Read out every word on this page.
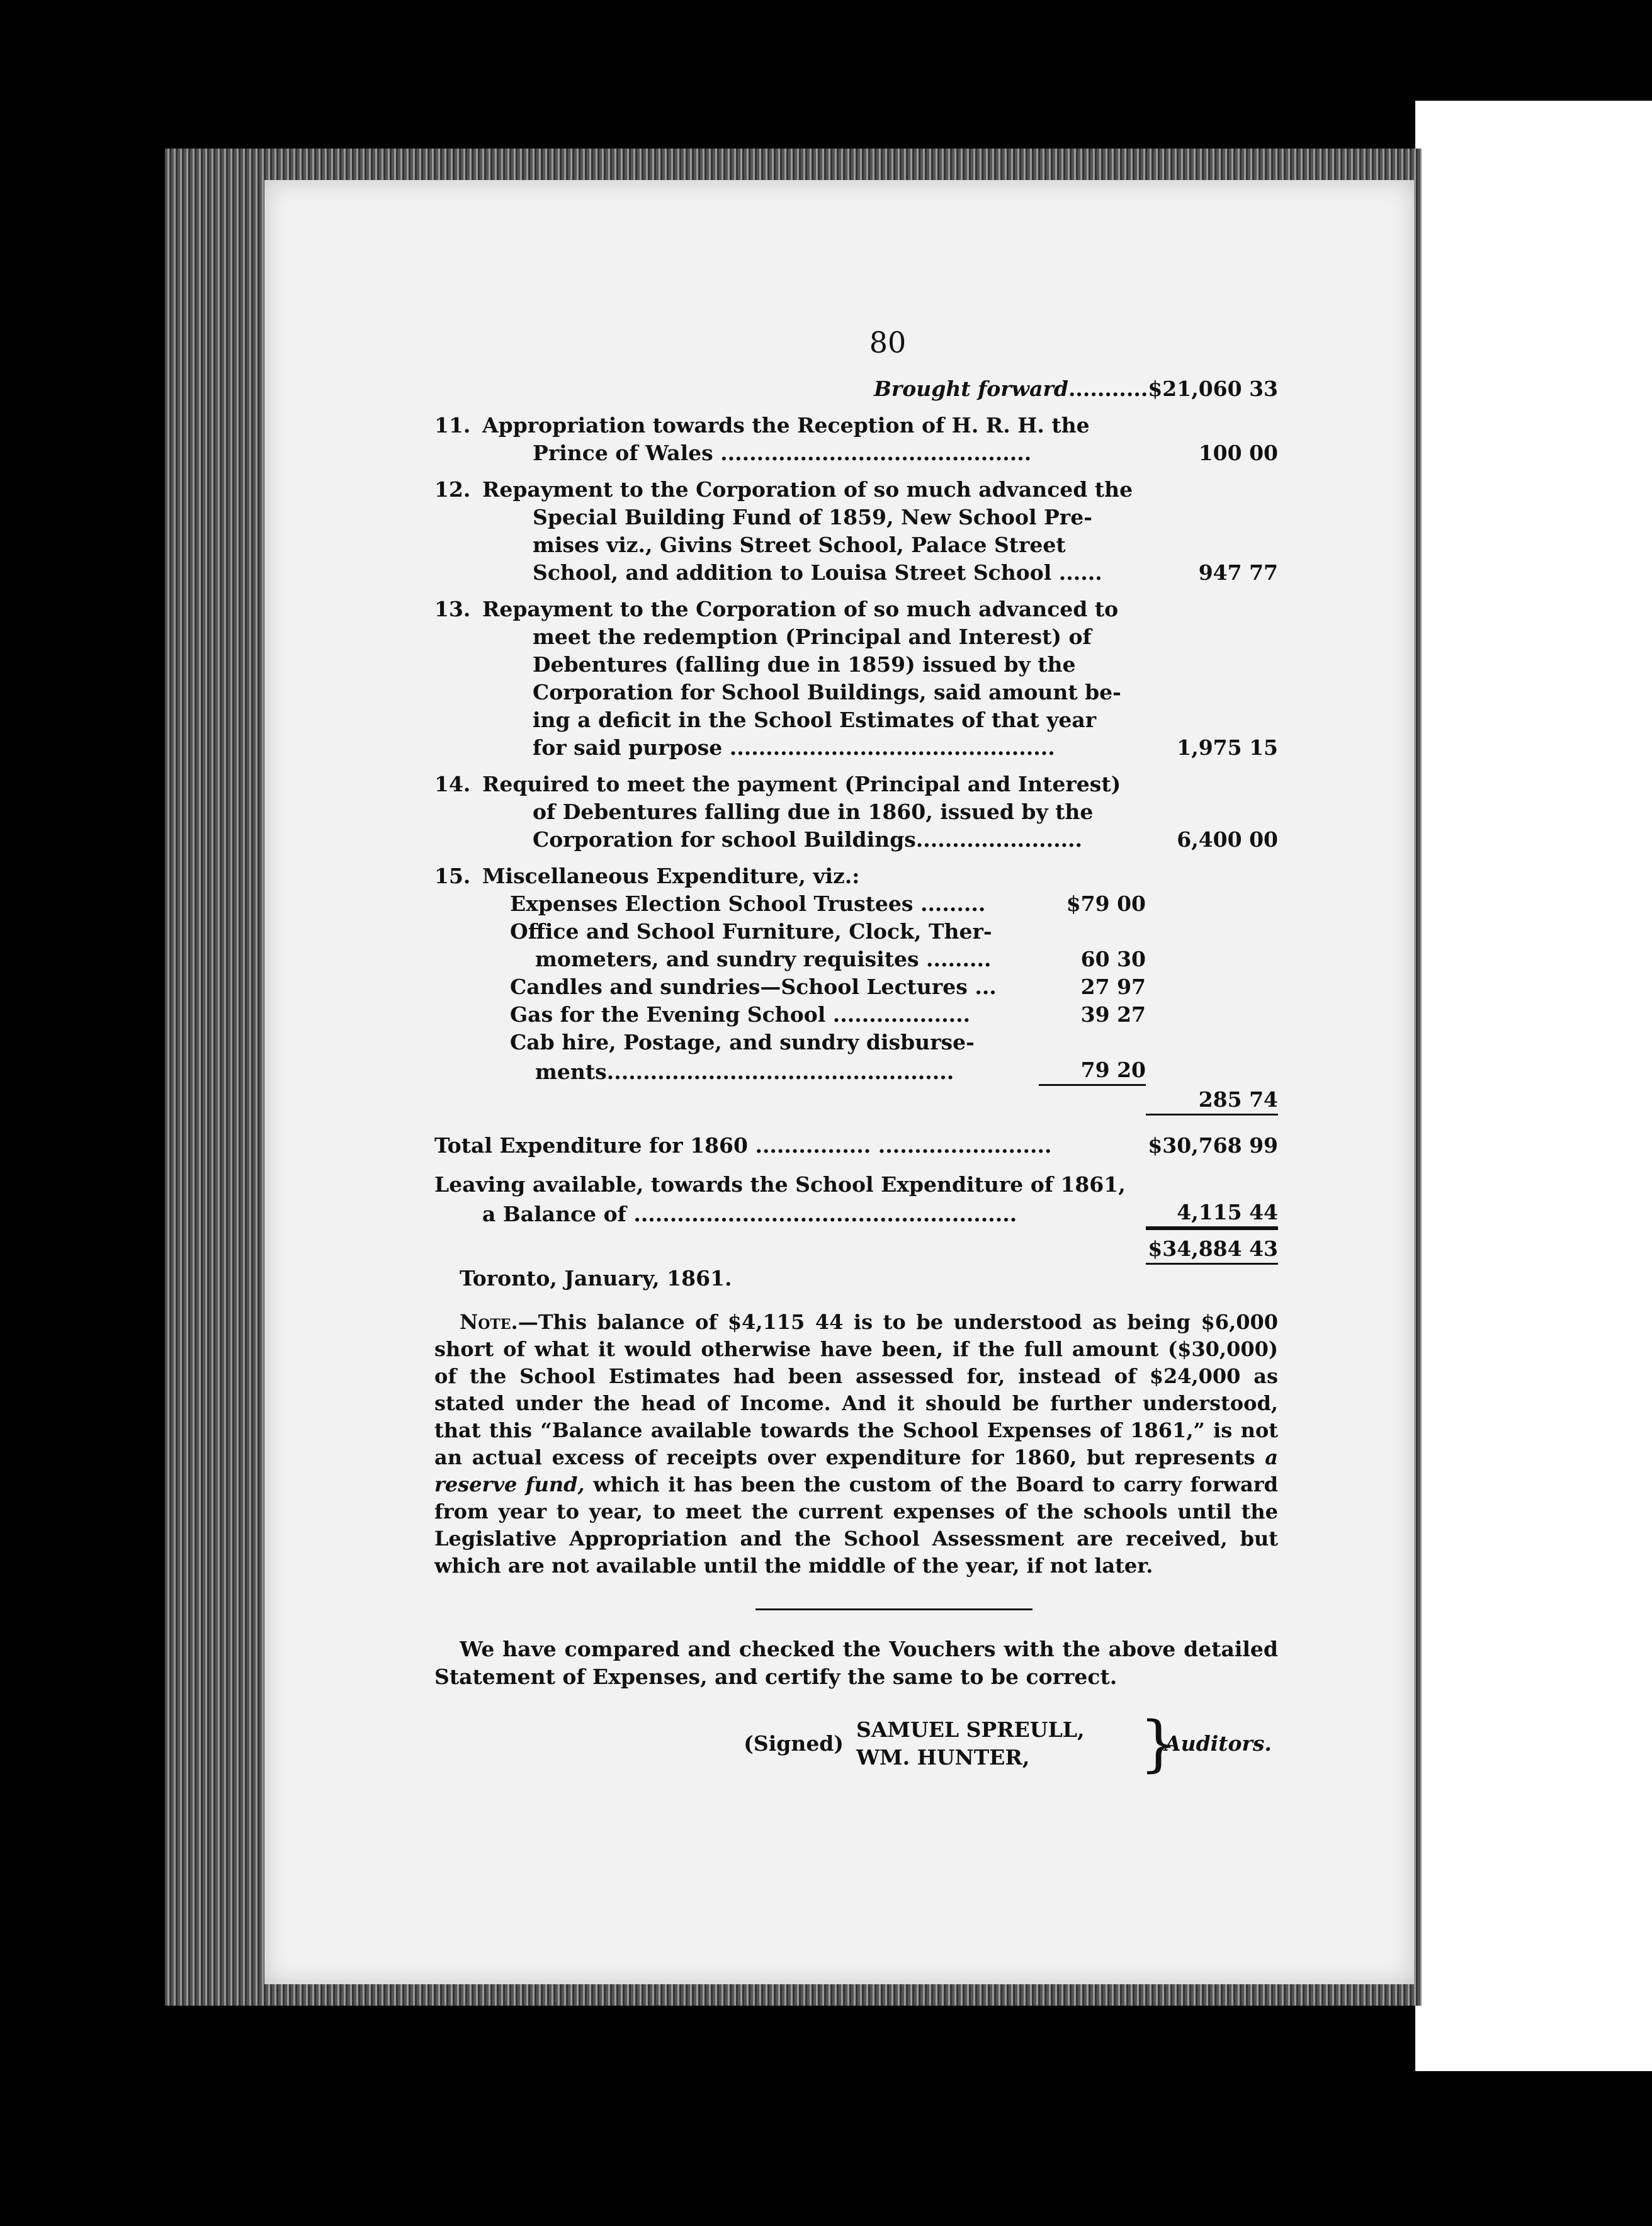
80
Brought forward...........$21,060 33
11. Appropriation towards the Reception of H. R. H. the
Prince of Wales ...........................................	100 00
12. Repayment to the Corporation of so much advanced the
Special Building Fund of 1859, New School Pre-
mises viz., Givins Street School, Palace Street
School, and addition to Louisa Street School ......	947 77
13. Repayment to the Corporation of so much advanced to
meet the redemption (Principal and Interest) of
Debentures (falling due in 1859) issued by the
Corporation for School Buildings, said amount be-
ing a deficit in the School Estimates of that year
for said purpose .............................................	1,975 15
14. Required to meet the payment (Principal and Interest)
of Debentures falling due in 1860, issued by the
Corporation for school Buildings.......................	6,400 00
15. Miscellaneous Expenditure, viz.:
Expenses Election School Trustees .........	$79 00
Office and School Furniture, Clock, Ther-
mometers, and sundry requisites .........	60 30
Candles and sundries—School Lectures ...	27 97
Gas for the Evening School ...................	39 27
Cab hire, Postage, and sundry disburse-
ments................................................	79 20
285 74
Total Expenditure for 1860 ................ ........................	$30,768 99
Leaving available, towards the School Expenditure of 1861,
a Balance of .....................................................	4,115 44
$34,884 43
Toronto, January, 1861.
Note.—This balance of $4,115 44 is to be understood as being $6,000 short of what it would otherwise have been, if the full amount ($30,000) of the School Estimates had been assessed for, instead of $24,000 as stated under the head of Income. And it should be further understood, that this “Balance available towards the School Expenses of 1861,” is not an actual excess of receipts over expenditure for 1860, but represents a reserve fund, which it has been the custom of the Board to carry forward from year to year, to meet the current expenses of the schools until the Legislative Appropriation and the School Assessment are received, but which are not available until the middle of the year, if not later.
We have compared and checked the Vouchers with the above detailed Statement of Expenses, and certify the same to be correct.
(Signed)
SAMUEL SPREULL,
WM. HUNTER,	}
Auditors.
